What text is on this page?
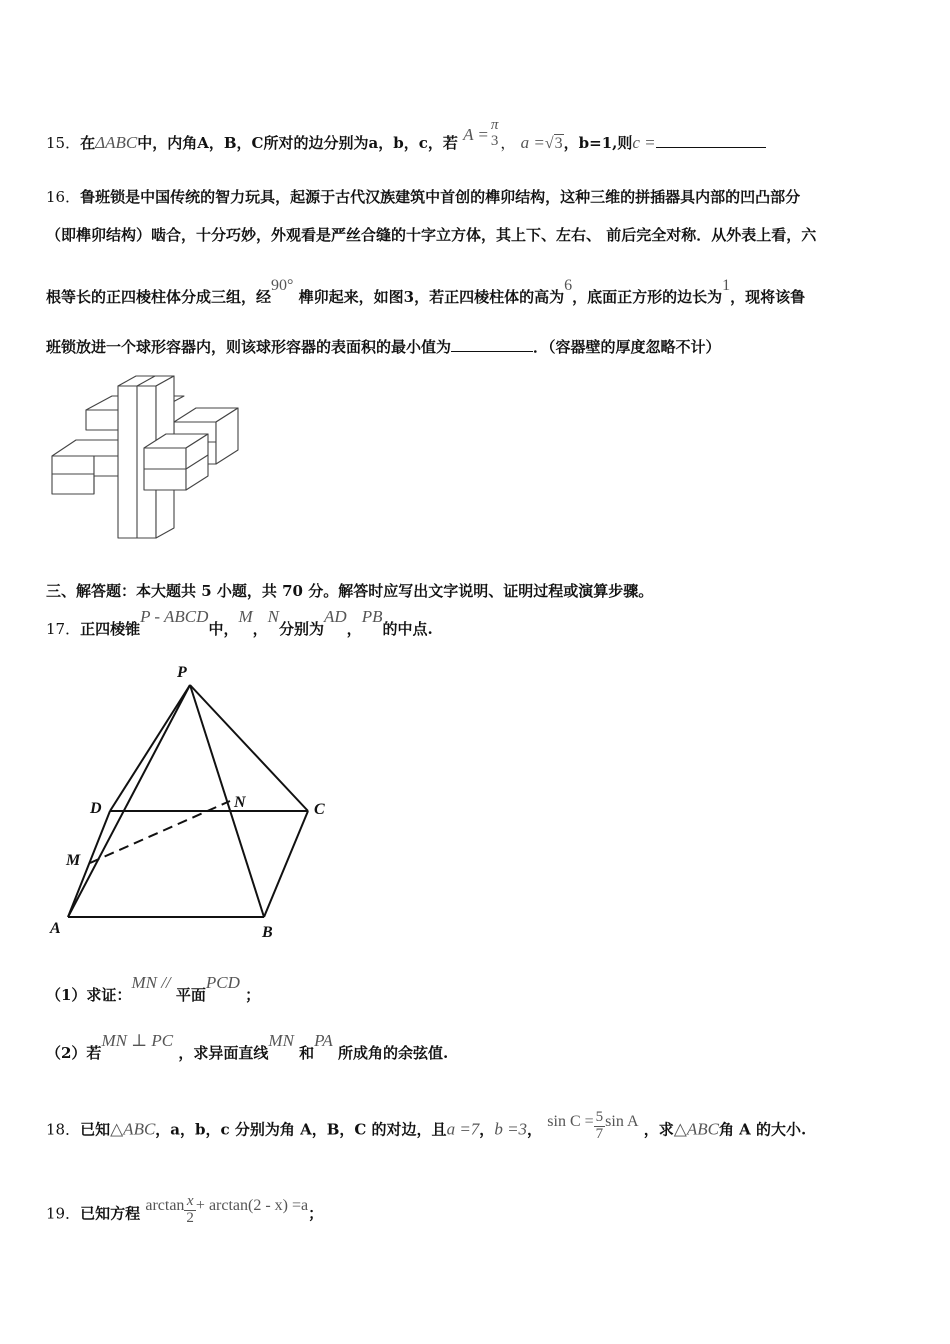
15．在ΔABC中，内角A，B，C所对的边分别为a，b，c，若 A = π
3 ， a =√3，b=1,则c =
16．鲁班锁是中国传统的智力玩具，起源于古代汉族建筑中首创的榫卯结构，这种三维的拼插器具内部的凹凸部分
（即榫卯结构）啮合，十分巧妙，外观看是严丝合缝的十字立方体，其上下、左右、 前后完全对称．从外表上看，六
根等长的正四棱柱体分成三组，经90° 榫卯起来，如图3，若正四棱柱体的高为6，底面正方形的边长为1，现将该鲁
班锁放进一个球形容器内，则该球形容器的表面积的最小值为	．（容器壁的厚度忽略不计）
三、解答题：本大题共 5 小题，共 70 分。解答时应写出文字说明、证明过程或演算步骤。
17．正四棱锥P - ABCD中，M，N分别为AD，PB的中点.
P
D	N	C
M
A	B
（1）求证：MN // 平面PCD ；
（2）若MN ⊥ PC ，求异面直线MN 和PA 所成角的余弦值.
18．已知△ABC，a，b，c 分别为角 A，B，C 的对边，且a =7，b =3， $\sin C = \frac{5}{7}$ sin A ，求△ABC角 A 的大小.
19．已知方程 $\arctan \frac{x}{2} + \arctan(2 - x) =a$；
